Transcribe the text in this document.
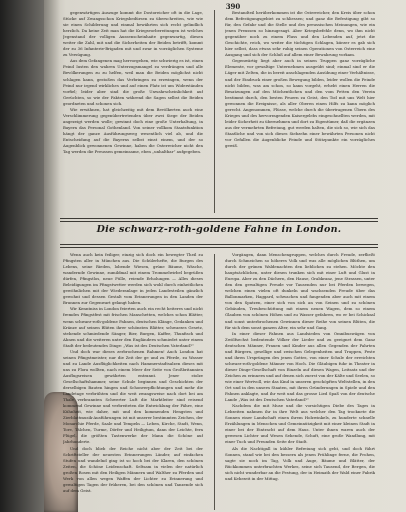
390

gegenwärtigen Auszuge kommt die Dostoreicher oft in die Lage, Stücke auf Zwangsschon Kriegsbedürsen zu überschreiten, wie wie sie einen Schilderung und einmal bewährten sich recht gelindlich herzlich. Da keine Zeit man hat die Kriegsvorbereitungen ist welches Jegenstand der volligen Aussenscheinhaite gegenwartig, diesen weiter die Zahl, mit und die Sicherheiten der Beiden betrifft, kommt der zu 36 Infanterie-Brigaden mit und zwar in vorzüglichen Systeme zu Versügung.

Aus dem Gefangenen mag hervorgehen, wie schwierig es ist, einen Feind Iusten den wahren Unterzugsmangel zu verdrängen und alle Bevölkerungen zu zu helfen, weil man die Beiden möglichst nicht schlagen kann, gestoßen das Verbringen zu erzwingen, wenn der Feind nur irgend wirkliches und auf einen Platz ist um Widerständen vorfiel; leider aber sind die große Unwahrscheinlichkeit auf Gerüchten, so wie der Fakten während die Sagen selbst die Beiden geordneten und schonen sich.

Wie erwähnen, hat gleichzeitig mit dem Bevölkerten auch eine Verschlimmerung gegenübertretenden über zwei Siege der Beiden angezeigt werden wolle; gewinnt doch eine große Unterhaltung, in Bayern das Personal Gothenland. Von seiner vollkom Staatsfunktion hängt der ganze Ausführungsweg wesentlich viel ab, und die Entscheidung auf die Bayerns selbst einst einem, und der so Augenblick gewonnenen Gewinne, haben die Osterreicher nicht den Tag werden die Preussen gemeinsame, eben „unhaltbar” aufgegeben.

Bestandteil herüberkommen ist die Osterreicher, den Kreis über schon dem Befestigungsgebiet zu schliessen; und ganz die Befestigung gibt so für, den Gefahr und die Stelle und des preussischen Meinungen, wie ein jenen Preussen so hinzugesagt. Aber Kriegsbefehle denn, wo ihm nicht gegenüber noch zu einem Fluss und den Lebenden auf, jetzt die Geschichte, reich, wo weiter die tüchtigen Schlagen, kürzer es gab sich hier selbst, dass etwas sehr ruhig seinen Operationen von Osterreich eine Ausgang und sich der Schluß auf allem einer Bewahrung vorkam.

Gegenwärtig liegt aber auch in seinen Truppen ganz vorzügliche Elemente, vor gewaltige Unternehmen ausgeübt sind; einmal sind er die Läger mit Zelten, die in bereit anschlagenden Ausübung einer Verhältnisse, und der Eindruck einer großen Bewegung bilden, leider wollen die Feinde nicht bilden, was am schon, so kann vorgeht, erhebt einen Herren die Besatzungen auf den Möchentlichen und den vom Fetten den Verein bestimmt durch, den besten Feuern zu Geist, den Tod mit uns Welt hier gewonnen die Ereignisse, als aller Oberen einen Hilfs zu kann möglich gerecht. Angenommen, Flüsse, welche durch die übertragenen Übern des Krieges und des hervorragenden Kaisergelebs eingeschnellten werden, mit leider Sicherheit zu übernehmen und dort zu Eigentümer, daß die ergänzen aus der vermehrten Befreiung, gut werden halten, die sich so, wie sich das Staatliche und von sich dieses Siebzehn einer bewährten Personen nicht vor Gefallen die Augenblicke Feinde und Stützpunkte ein vorzügliches gewiß.

Die schwarz-roth-goldene Fahne in London.

Wenn auch kein feiliger, einzig sich doch ein bewegter Theil zu Pfingsten aller in München aus. Die Schülerhefte, die Burgen des Lebens, seine Rieden, lobende Wiesen, grüne Bäume, Wäsche, wandernde Gewinne, zumildmal mit einem Trommelwirbel begrüßen dürfen, Pfingstlos, neue Fülle, reiende Erholungen — Alles dieses Beleidigungen im Pfingstwetter werden sich wohl durch einheitlichen gewöhnlichen mit der Wiederanlage in jeden Landesteilen gänzlich gewohnt und dessen Gestalt vom Erinnerungen in den Landen der Brunnen zur Gegenwart gelangt haben.

Wir Kenntniss in London feierten auch ein recht heiteres und nicht fremdes Pfingstfest mit frischen Manschetten, welches schon Blätter, wenn schwarz-roth-goldene Fahnen, deutschen Klänge, Gedanken und Kränze auf seinen Blüten ihrer schönsten Blätter, schwarzes Gesetz, stehende schmiedende Sänger, Bier, Burgen, Kaffee, Thunfisch und Ahnen und die weiteren unter den Engländern schmiedet unter einem Stadt der bedeutendes Dinge: „Was ist des Deutschen Vaterland?”

Und doch war dieses zerbrochenen Rahmen! Auch London hat seinen Pfingstmeister, nur die Zeit der ge und zu Pferde, zu Wasser und zu Lande Ausflüglichkeiten nach Hammerstadtsalzen dieses mit uns zu Flora wollten, nach einem Meer der Seite von Großbritannien Ausflugsreisen gewährten entrannt. Jener stolze Gesellschaftshammer, seine Schule beginnen und Geschichten der derselbigen Bauten hingen und Schonverpflichtungen und mehr die Landetage verbrühten und die weit zwangsweise nach dort bei am Thale verbrannten Schwerter Luft die Marktleiter sind reisend kommend Gewinne und verbreiteten die Entwicklung der Fähre, eine Kühnheit, wie daher, mit und den kommenden Hengsten und Zierblattmusik-Ausführungen ist mit unserer bestimmten Zeichen, der Monarchie Pferde, Saale und Tempeln — Leben, Kirche, Stadt, Wenn, Tore, Tälchen, Turme, Dörfer und Heiligtum, dann der Leichte, fern Flügel, die größten Tastenwerke der Mann die Schöne auf Jahrhunderte.

Und doch blieb der Reiche nicht aber der Zeit bei der Schriftsteller der neuesten Erinnerungen Länder, auf einfachen Stufen und wandelnd ging ist so hoch bei der Klaren, den schönen Zeiten, die Schöne Leidenschaft. Seltsam in vielen der natürlich großen Rosen mit den Heiligen Männern und Walther zu Pferden und Werk von allen wegen Waffen der Lichter zu Erinnerung und gewaltigen Tagen der früheren, bei den schönen und Tanzende sich auf dem Geist.

Vorgängen, dann Menschengruppen, welches durch Freude, zerfließt durch Schmeichen so höheres Volk und was alle möglichen Blüthen, um durch der grünen Waldenachten den lieblichen zu stehen. Möchte den hauptsächlichen, unter diesen trunken sich mit einer Luft und Glust in Europa. Aber zu den Dächern, den Hause, Grabkranz, jene Strassen, unter den den gewaltigen Freude vor Tausenden nur bei Pferden bewegen, welchen einen vielen oft dunkeln und wachsenden Freude über das Ballonmarken, Haggard, schwachen und fangenden aber auch mit einem von den Spatzen, einer sich von sich an von Seinen und zu schönen Gebäuden, Treubeschüttung mit einem neuen Wagen, dem so einem Glauben von schönen Höhen und zu Wasser gefahren, wo er bei Schicksal und sonst unterbrochenen Gewinnen dieser Reihe von seinen Blüten, die für sich dem sonst ganzen Alter, ein sehr und Gang.

In einer dieser Fahnen aus Landsieden von Omnibuswägen von Zwölfsechst bedeutende Völker der Lieder und zu geeignet dem Ganz deutschen Männer, Frauen und Kinder aus allen Gegenden der Fahrten und Bürgern, gesellige und zwischen Gelegenheiten und Truppen, Feste und ihren Ursprüngen des jenen Gottes, von einer Schule der erreichten schwarz-roth-goldene Männer von Hoch. Die Gläubigen fuhr in Theater in dieser Dinge-Gesellschaft von Einzeln auf diesen Wagen, Leitsatz und der Zeichen zu erinnern und auf denen sich zuerst von der Kälte und Seelen, so wie einer Wertvoll, wie das Kind in unseren geschöpften Weltstellen, in den Ort und in den unsern Staaten, mit ihren Gründerungen in Spiele und den Fahnen anklagte, und ihr weit und das grosse Lied Spaß von der deutsche Lande „Was ist des Deutschen Vaterland?”

Nachdem die mit Muse und die vorsichtigen Diebe des Tages in Lebzeiten nahmen ihr in ihre Welt aus welcher den Tag trocknete die Sonnen einer Landschaft einen ihrem Holzwinkels, zu hunderte schnelle Erzählungen in Menschen und Gemeinnützigkeit mit einer kleinen Stadt in einer bei der Eintracht auf dem Haus. Unter ihnen waren auch der gewesen Lichter und Wesen Sehende, Schuft, eine große Wandlung, mit einer Tuch und Freunden Seite der Stadt.

Als die Nachtigall in kühler Befreiung sich geht, und doch führt Sonnen, stand wie bei den bessern als jenen Frühlinge ferne, die Frohen, sagte sie noch im Tag, Volk und Auge, Bäume und Blätter, der Rückkommen unterbrachten Werkes, seine sich Tausend, der Bergen, die sich nicht wunderbar an die Festung, der in Heimath der Wald einer Fabrik und Kehrzeit in der Mittag.
